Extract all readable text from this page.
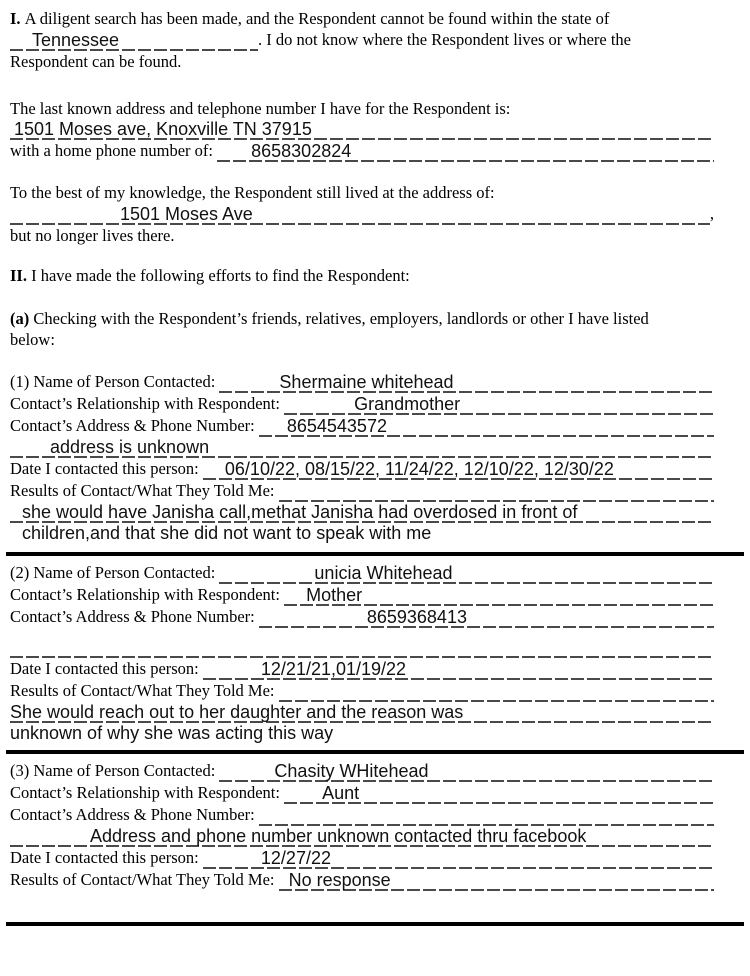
I. A diligent search has been made, and the Respondent cannot be found within the state of
Tennessee	. I do not know where the Respondent lives or where the
Respondent can be found.

The last known address and telephone number I have for the Respondent is:
1501 Moses ave, Knoxville TN 37915
with a home phone number of:
	8658302824
To the best of my knowledge, the Respondent still lived at the address of:
1501 Moses Ave	,
but no longer lives there.

II. I have made the following efforts to find the Respondent:

(a) Checking with the Respondent’s friends, relatives, employers, landlords or other I have listed
below:

(1)
Name of Person Contacted:
	Shermaine whitehead
Contact’s Relationship with Respondent:
	Grandmother
Contact’s Address & Phone Number:
	8654543572
address is unknown
Date I contacted this person:
	06/10/22, 08/15/22, 11/24/22, 12/10/22, 12/30/22
Results of Contact/What They Told Me:

she would have Janisha call,methat Janisha had overdosed in front of
children,and that she did not want to speak with me
(2)
Name of Person Contacted:
	unicia Whitehead
Contact’s Relationship with Respondent:
	Mother
Contact’s Address & Phone Number:
	8659368413
Date I contacted this person:
	12/21/21,01/19/22
Results of Contact/What They Told Me:

She would reach out to her daughter and the reason was
unknown of why she was acting this way
(3)
Name of Person Contacted:
	Chasity WHitehead
Contact’s Relationship with Respondent:
	Aunt
Contact’s Address & Phone Number:

Address and phone number unknown contacted thru facebook
Date I contacted this person:
	12/27/22
Results of Contact/What They Told Me:
No response
